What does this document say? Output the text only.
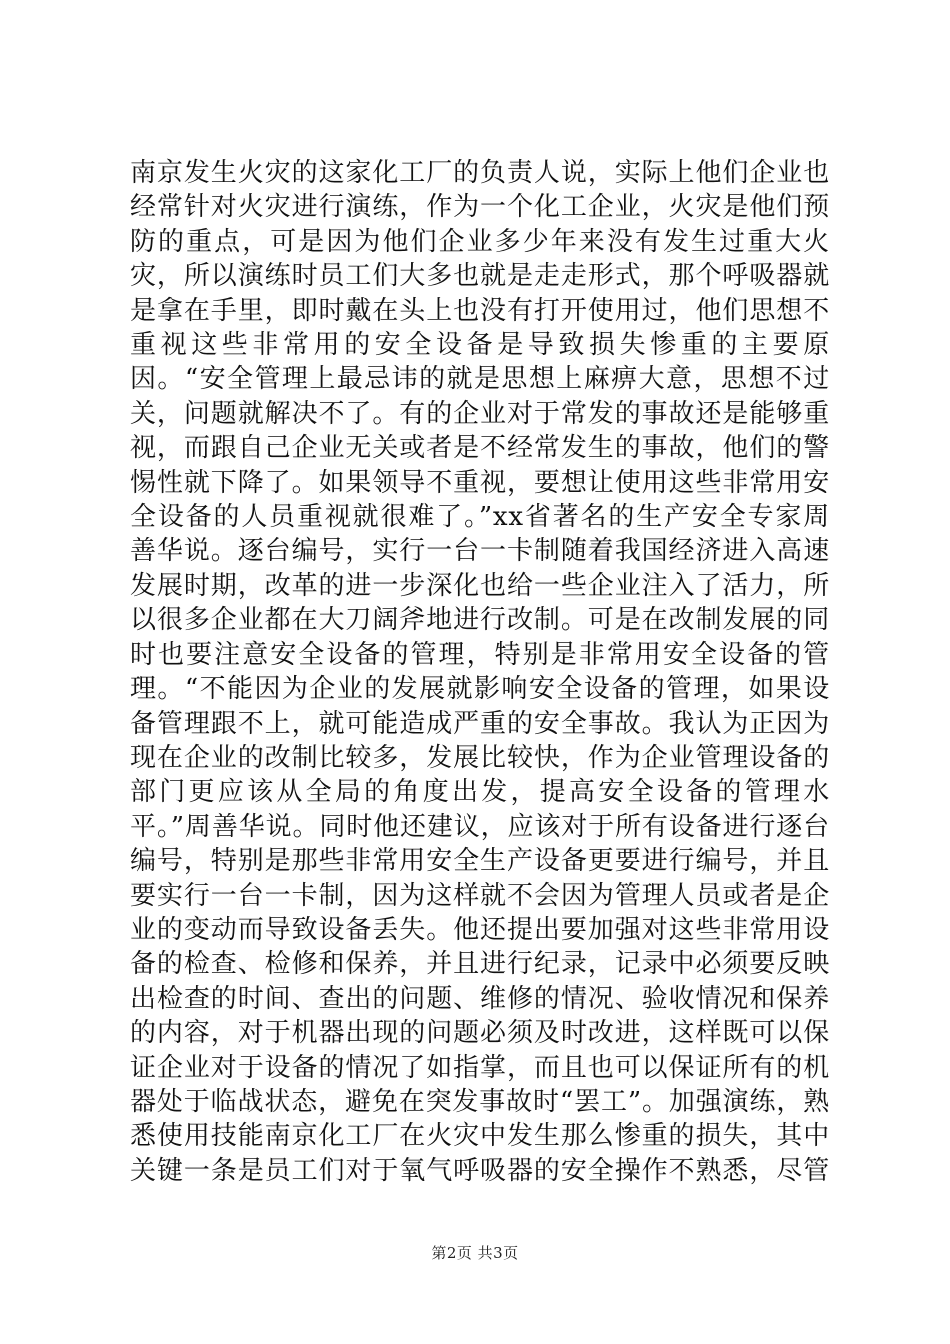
南京发生火灾的这家化工厂的负责人说，实际上他们企业也经常针对火灾进行演练，作为一个化工企业，火灾是他们预防的重点，可是因为他们企业多少年来没有发生过重大火灾，所以演练时员工们大多也就是走走形式，那个呼吸器就是拿在手里，即时戴在头上也没有打开使用过，他们思想不重视这些非常用的安全设备是导致损失惨重的主要原因。“安全管理上最忌讳的就是思想上麻痹大意，思想不过关，问题就解决不了。有的企业对于常发的事故还是能够重视，而跟自己企业无关或者是不经常发生的事故，他们的警惕性就下降了。如果领导不重视，要想让使用这些非常用安全设备的人员重视就很难了。”xx省著名的生产安全专家周善华说。逐台编号，实行一台一卡制随着我国经济进入高速发展时期，改革的进一步深化也给一些企业注入了活力，所以很多企业都在大刀阔斧地进行改制。可是在改制发展的同时也要注意安全设备的管理，特别是非常用安全设备的管理。“不能因为企业的发展就影响安全设备的管理，如果设备管理跟不上，就可能造成严重的安全事故。我认为正因为现在企业的改制比较多，发展比较快，作为企业管理设备的部门更应该从全局的角度出发，提高安全设备的管理水平。”周善华说。同时他还建议，应该对于所有设备进行逐台编号，特别是那些非常用安全生产设备更要进行编号，并且要实行一台一卡制，因为这样就不会因为管理人员或者是企业的变动而导致设备丢失。他还提出要加强对这些非常用设备的检查、检修和保养，并且进行纪录，记录中必须要反映出检查的时间、查出的问题、维修的情况、验收情况和保养的内容，对于机器出现的问题必须及时改进，这样既可以保证企业对于设备的情况了如指掌，而且也可以保证所有的机器处于临战状态，避免在突发事故时“罢工”。加强演练，熟悉使用技能南京化工厂在火灾中发生那么惨重的损失，其中关键一条是员工们对于氧气呼吸器的安全操作不熟悉，尽管

第2页 共3页
